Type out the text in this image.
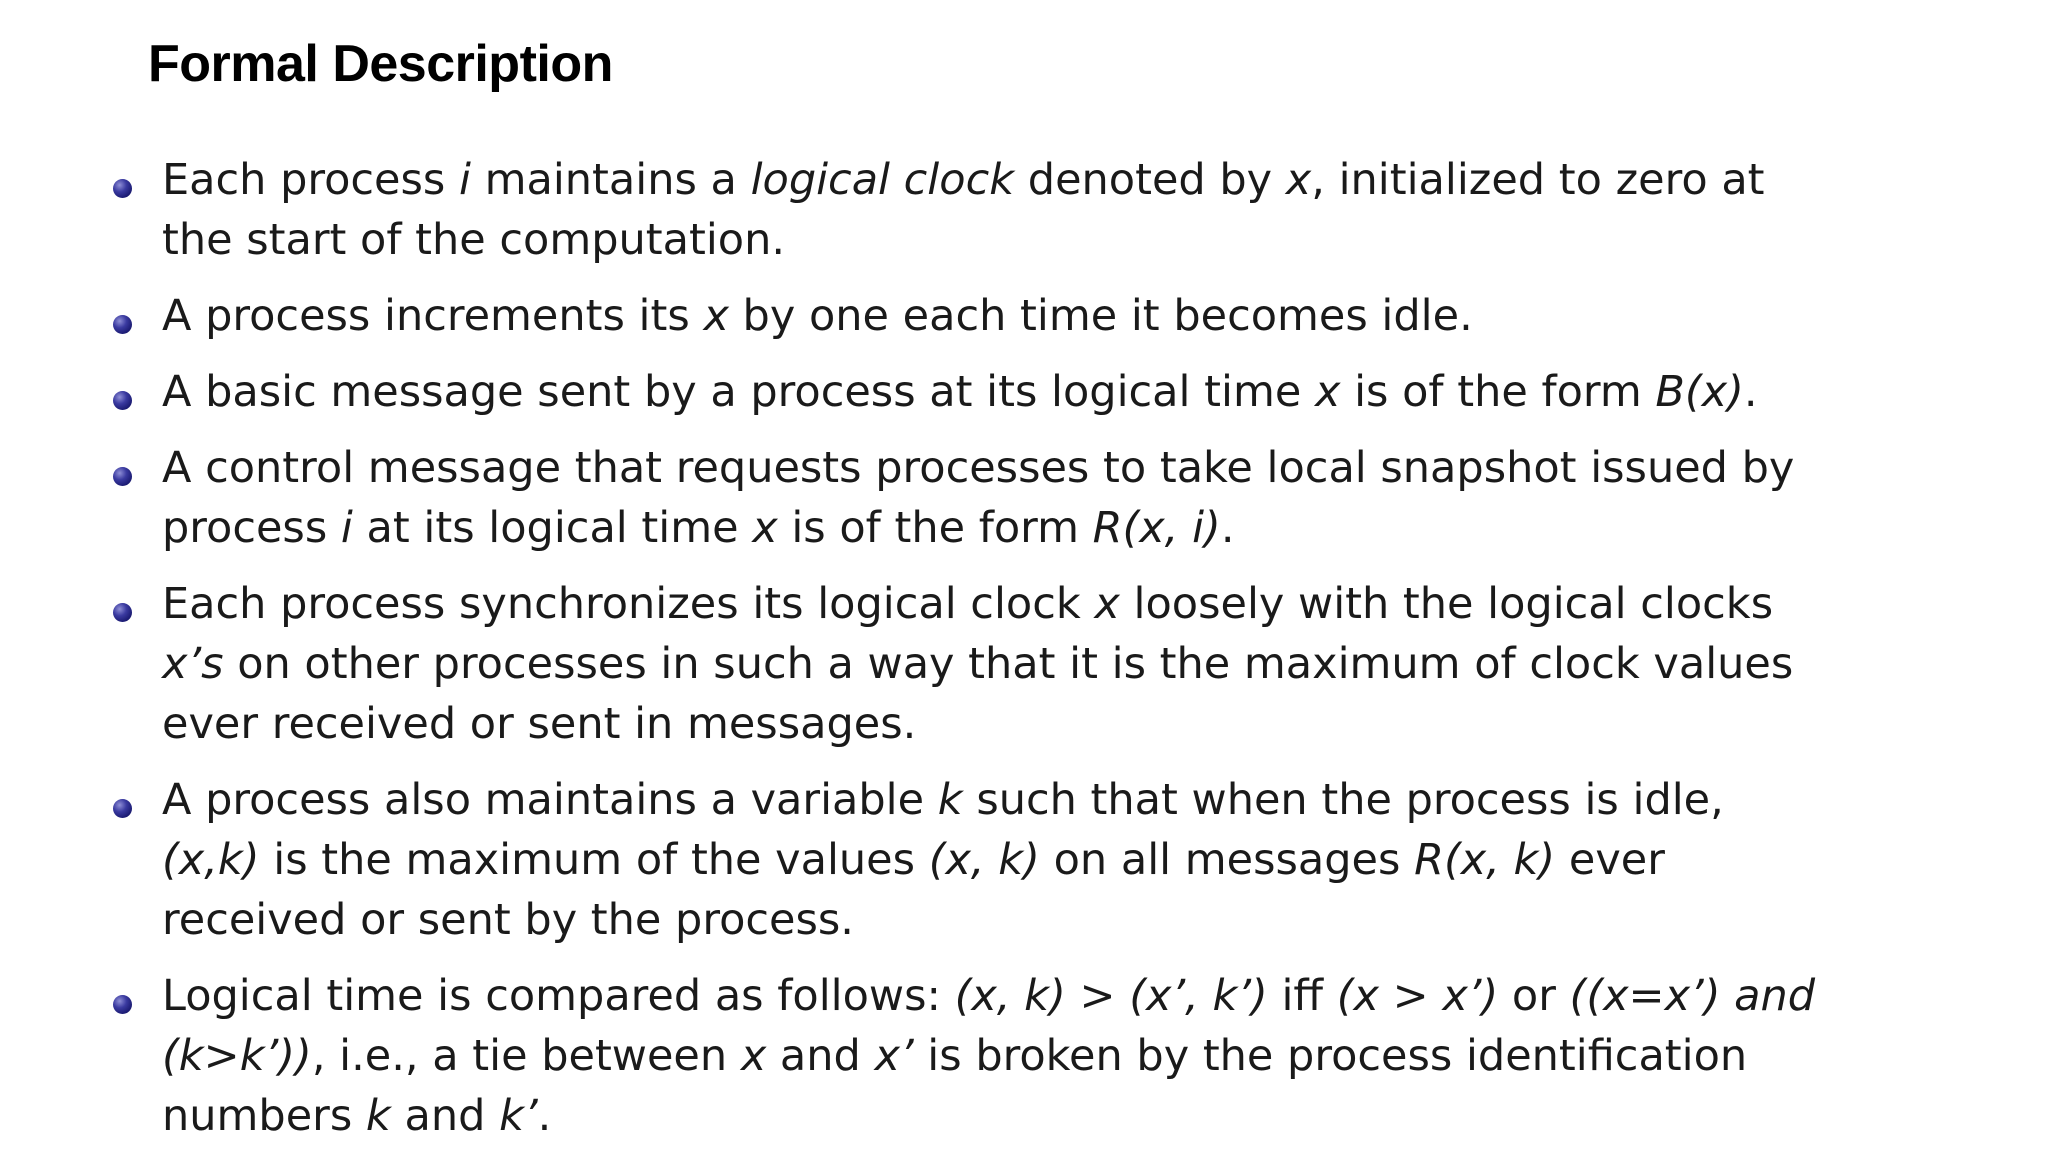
Formal Description
Each process i maintains a logical clock denoted by x, initialized to zero at the start of the computation.
A process increments its x by one each time it becomes idle.
A basic message sent by a process at its logical time x is of the form B(x).
A control message that requests processes to take local snapshot issued by process i at its logical time x is of the form R(x, i).
Each process synchronizes its logical clock x loosely with the logical clocks x’s on other processes in such a way that it is the maximum of clock values ever received or sent in messages.
A process also maintains a variable k such that when the process is idle, (x,k) is the maximum of the values (x, k) on all messages R(x, k) ever received or sent by the process.
Logical time is compared as follows: (x, k) > (x’, k’) iff (x > x’) or ((x=x’) and (k>k’)), i.e., a tie between x and x’ is broken by the process identification numbers k and k’.
